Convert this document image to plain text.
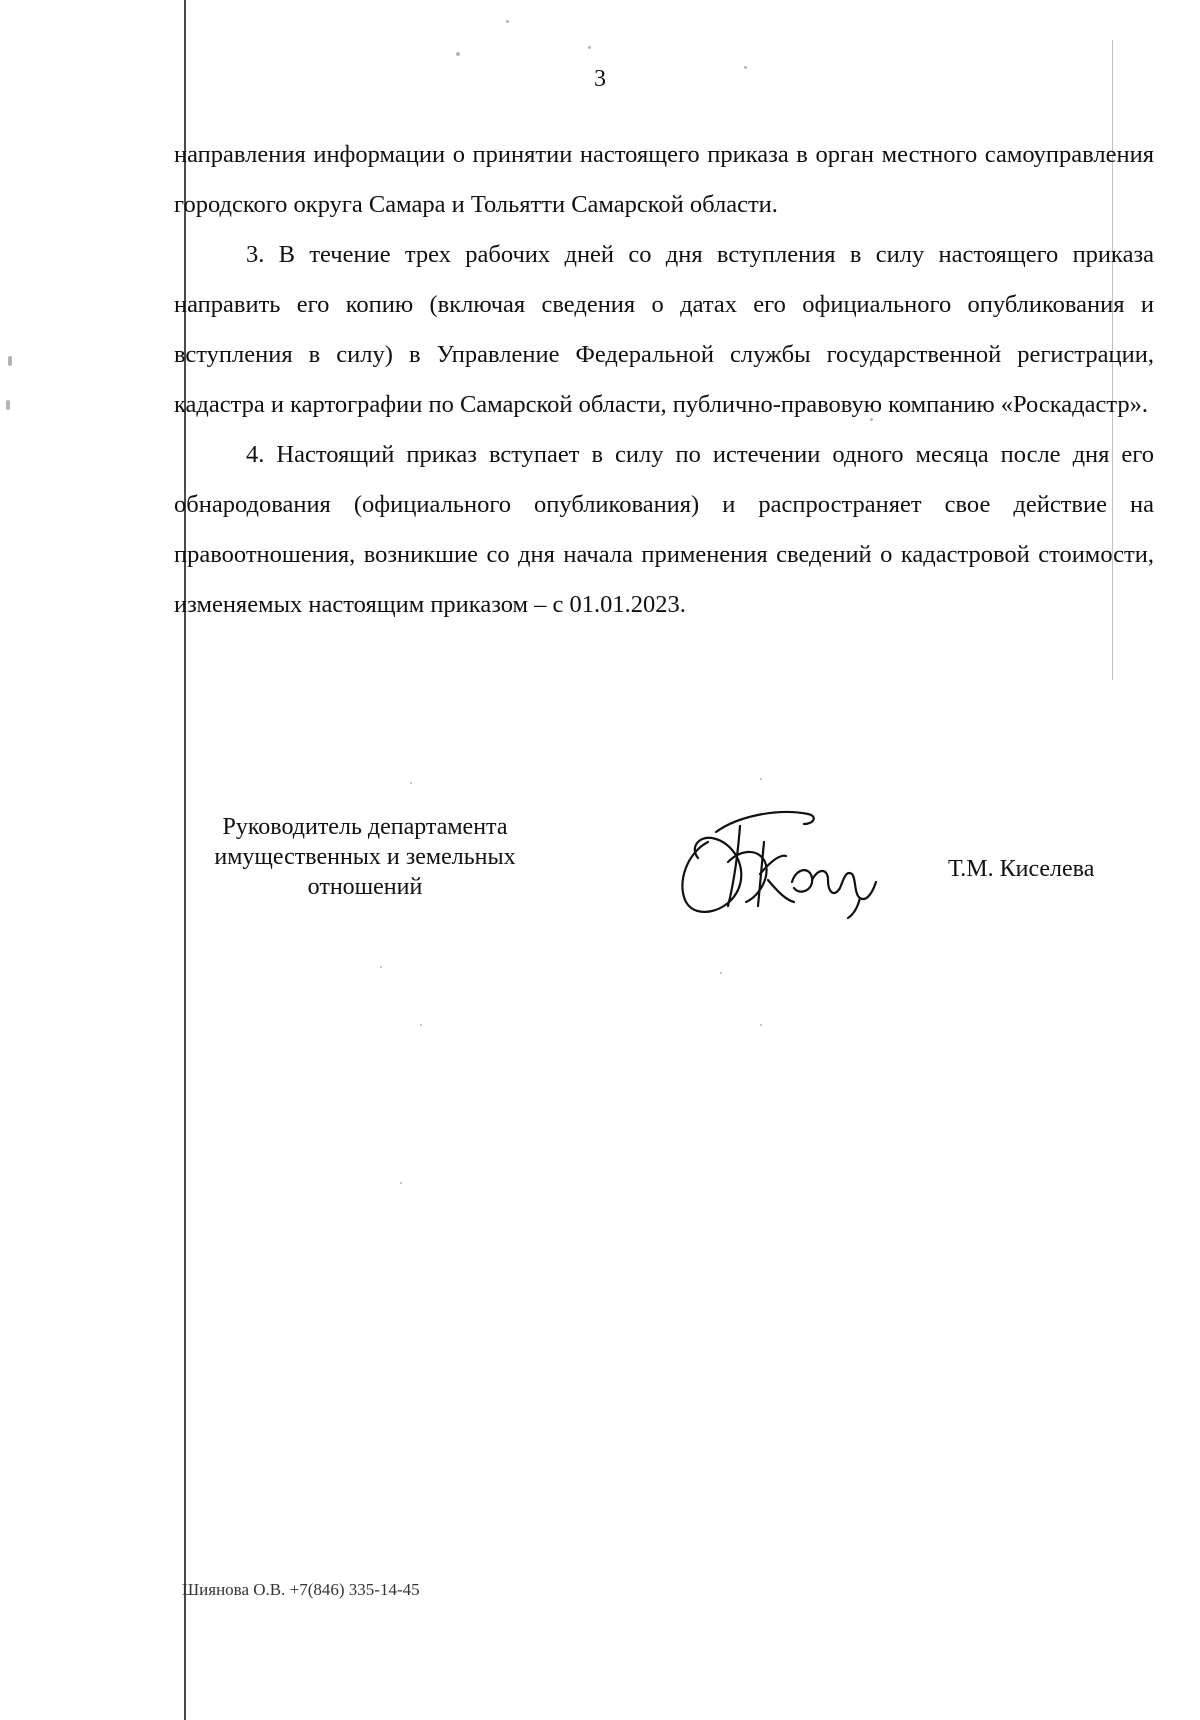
3

направления информации о принятии настоящего приказа в орган местного самоуправления городского округа Самара и Тольятти Самарской области.

3. В течение трех рабочих дней со дня вступления в силу настоящего приказа направить его копию (включая сведения о датах его официального опубликования и вступления в силу) в Управление Федеральной службы государственной регистрации, кадастра и картографии по Самарской области, публично-правовую компанию «Роскадастр».

4. Настоящий приказ вступает в силу по истечении одного месяца после дня его обнародования (официального опубликования) и распространяет свое действие на правоотношения, возникшие со дня начала применения сведений о кадастровой стоимости, изменяемых настоящим приказом – с 01.01.2023.

Руководитель департамента
имущественных и земельных
отношений
Т.М. Киселева
Шиянова О.В. +7(846) 335-14-45
